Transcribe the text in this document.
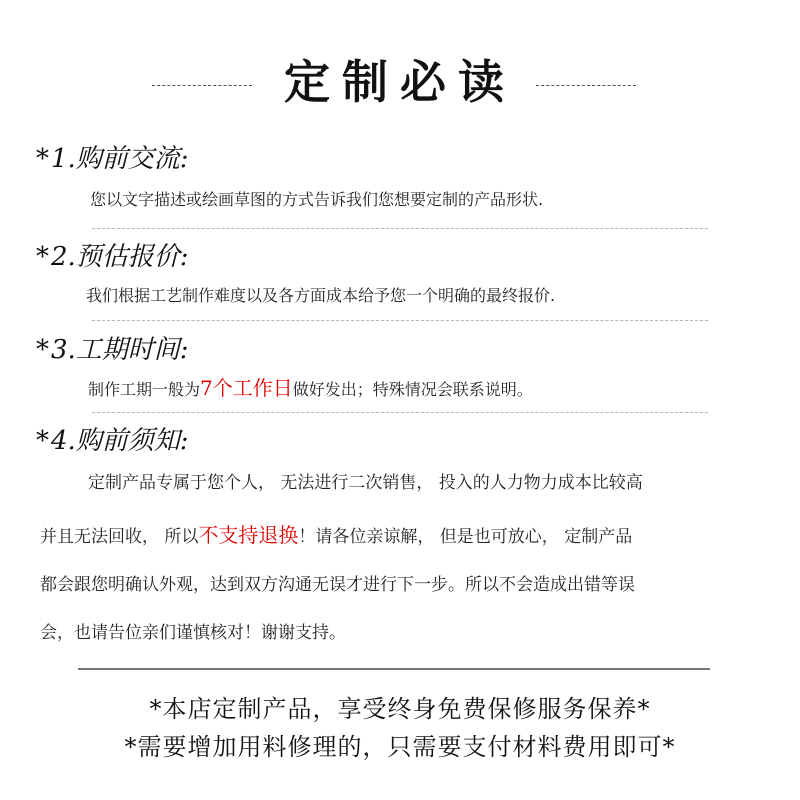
定制必读
*1.购前交流:
您以文字描述或绘画草图的方式告诉我们您想要定制的产品形状.
*2.预估报价:
我们根据工艺制作难度以及各方面成本给予您一个明确的最终报价.
*3.工期时间:
制作工期一般为7个工作日做好发出；特殊情况会联系说明。
*4.购前须知:
定制产品专属于您个人， 无法进行二次销售， 投入的人力物力成本比较高
并且无法回收， 所以不支持退换！请各位亲谅解， 但是也可放心， 定制产品
都会跟您明确认外观，达到双方沟通无误才进行下一步。所以不会造成出错等误
会，也请告位亲们谨慎核对！谢谢支持。
*本店定制产品，享受终身免费保修服务保养*
*需要增加用料修理的，只需要支付材料费用即可*
